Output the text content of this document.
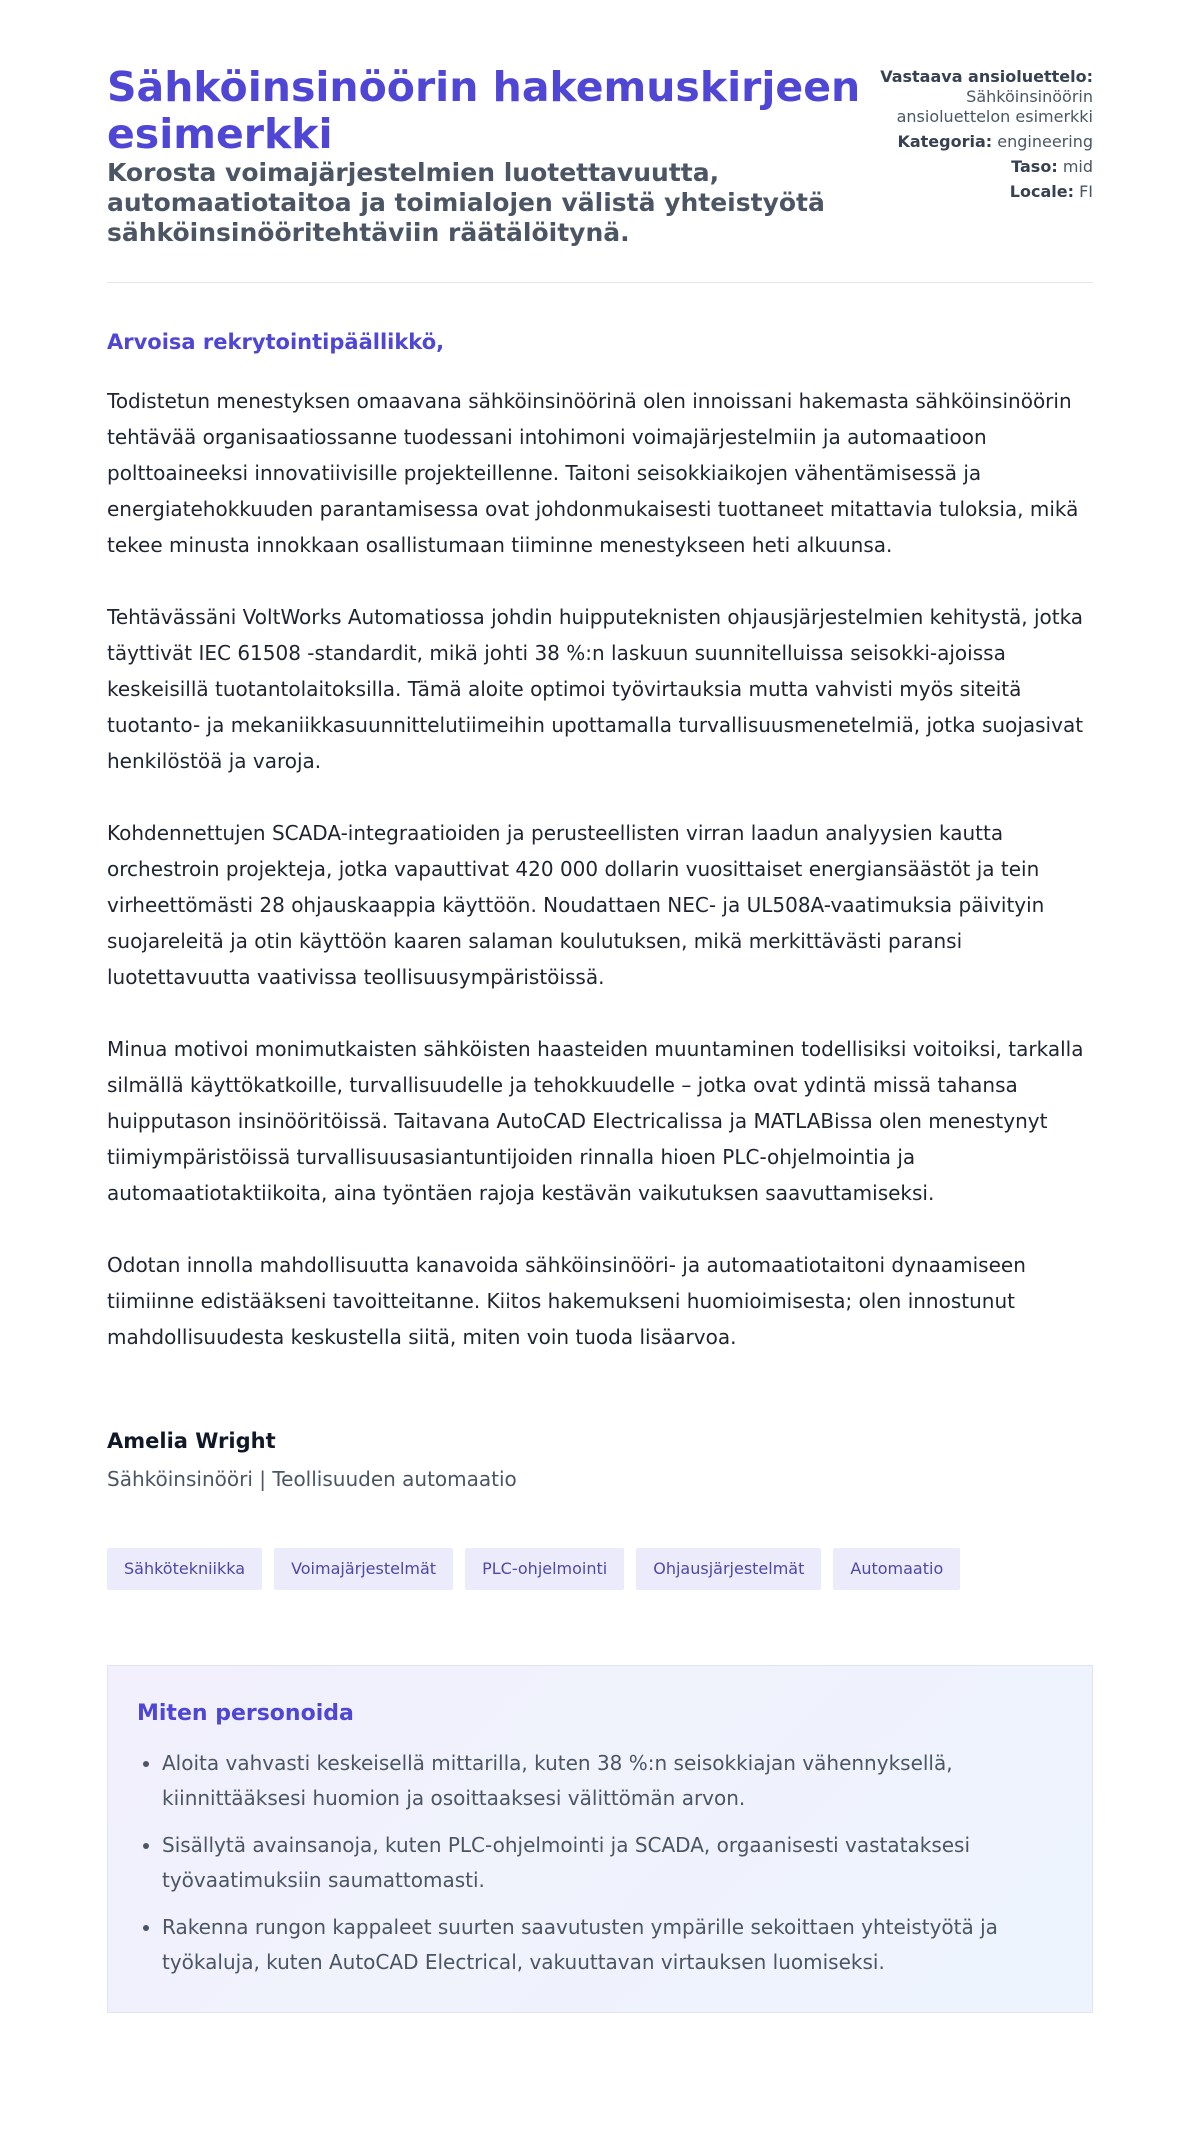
Sähköinsinöörin hakemuskirjeen esimerkki
Korosta voimajärjestelmien luotettavuutta, automaatiotaitoa ja toimialojen välistä yhteistyötä sähköinsinööritehtäviin räätälöitynä.
Vastaava ansioluettelo: Sähköinsinöörin ansioluettelon esimerkki
Kategoria: engineering
Taso: mid
Locale: FI
Arvoisa rekrytointipäällikkö,

Todistetun menestyksen omaavana sähköinsinöörinä olen innoissani hakemasta sähköinsinöörin tehtävää organisaatiossanne tuodessani intohimoni voimajärjestelmiin ja automaatioon polttoaineeksi innovatiivisille projekteillenne. Taitoni seisokkiaikojen vähentämisessä ja energiatehokkuuden parantamisessa ovat johdonmukaisesti tuottaneet mitattavia tuloksia, mikä tekee minusta innokkaan osallistumaan tiiminne menestykseen heti alkuunsa.

Tehtävässäni VoltWorks Automatiossa johdin huipputeknisten ohjausjärjestelmien kehitystä, jotka täyttivät IEC 61508 -standardit, mikä johti 38 %:n laskuun suunnitelluissa seisokki-ajoissa keskeisillä tuotantolaitoksilla. Tämä aloite optimoi työvirtauksia mutta vahvisti myös siteitä tuotanto- ja mekaniikkasuunnittelutiimeihin upottamalla turvallisuusmenetelmiä, jotka suojasivat henkilöstöä ja varoja.

Kohdennettujen SCADA-integraatioiden ja perusteellisten virran laadun analyysien kautta orchestroin projekteja, jotka vapauttivat 420 000 dollarin vuosittaiset energiansäästöt ja tein virheettömästi 28 ohjauskaappia käyttöön. Noudattaen NEC- ja UL508A-vaatimuksia päivityin suojareleitä ja otin käyttöön kaaren salaman koulutuksen, mikä merkittävästi paransi luotettavuutta vaativissa teollisuusympäristöissä.

Minua motivoi monimutkaisten sähköisten haasteiden muuntaminen todellisiksi voitoiksi, tarkalla silmällä käyttökatkoille, turvallisuudelle ja tehokkuudelle – jotka ovat ydintä missä tahansa huipputason insinööritöissä. Taitavana AutoCAD Electricalissa ja MATLABissa olen menestynyt tiimiympäristöissä turvallisuusasiantuntijoiden rinnalla hioen PLC-ohjelmointia ja automaatiotaktiikoita, aina työntäen rajoja kestävän vaikutuksen saavuttamiseksi.

Odotan innolla mahdollisuutta kanavoida sähköinsinööri- ja automaatiotaitoni dynaamiseen tiimiinne edistääkseni tavoitteitanne. Kiitos hakemukseni huomioimisesta; olen innostunut mahdollisuudesta keskustella siitä, miten voin tuoda lisäarvoa.

Amelia Wright
Sähköinsinööri | Teollisuuden automaatio
Sähkötekniikka	Voimajärjestelmät	PLC-ohjelmointi	Ohjausjärjestelmät	Automaatio
Miten personoida
• Aloita vahvasti keskeisellä mittarilla, kuten 38 %:n seisokkiajan vähennyksellä, kiinnittääksesi huomion ja osoittaaksesi välittömän arvon.
• Sisällytä avainsanoja, kuten PLC-ohjelmointi ja SCADA, orgaanisesti vastataksesi työvaatimuksiin saumattomasti.
• Rakenna rungon kappaleet suurten saavutusten ympärille sekoittaen yhteistyötä ja työkaluja, kuten AutoCAD Electrical, vakuuttavan virtauksen luomiseksi.
